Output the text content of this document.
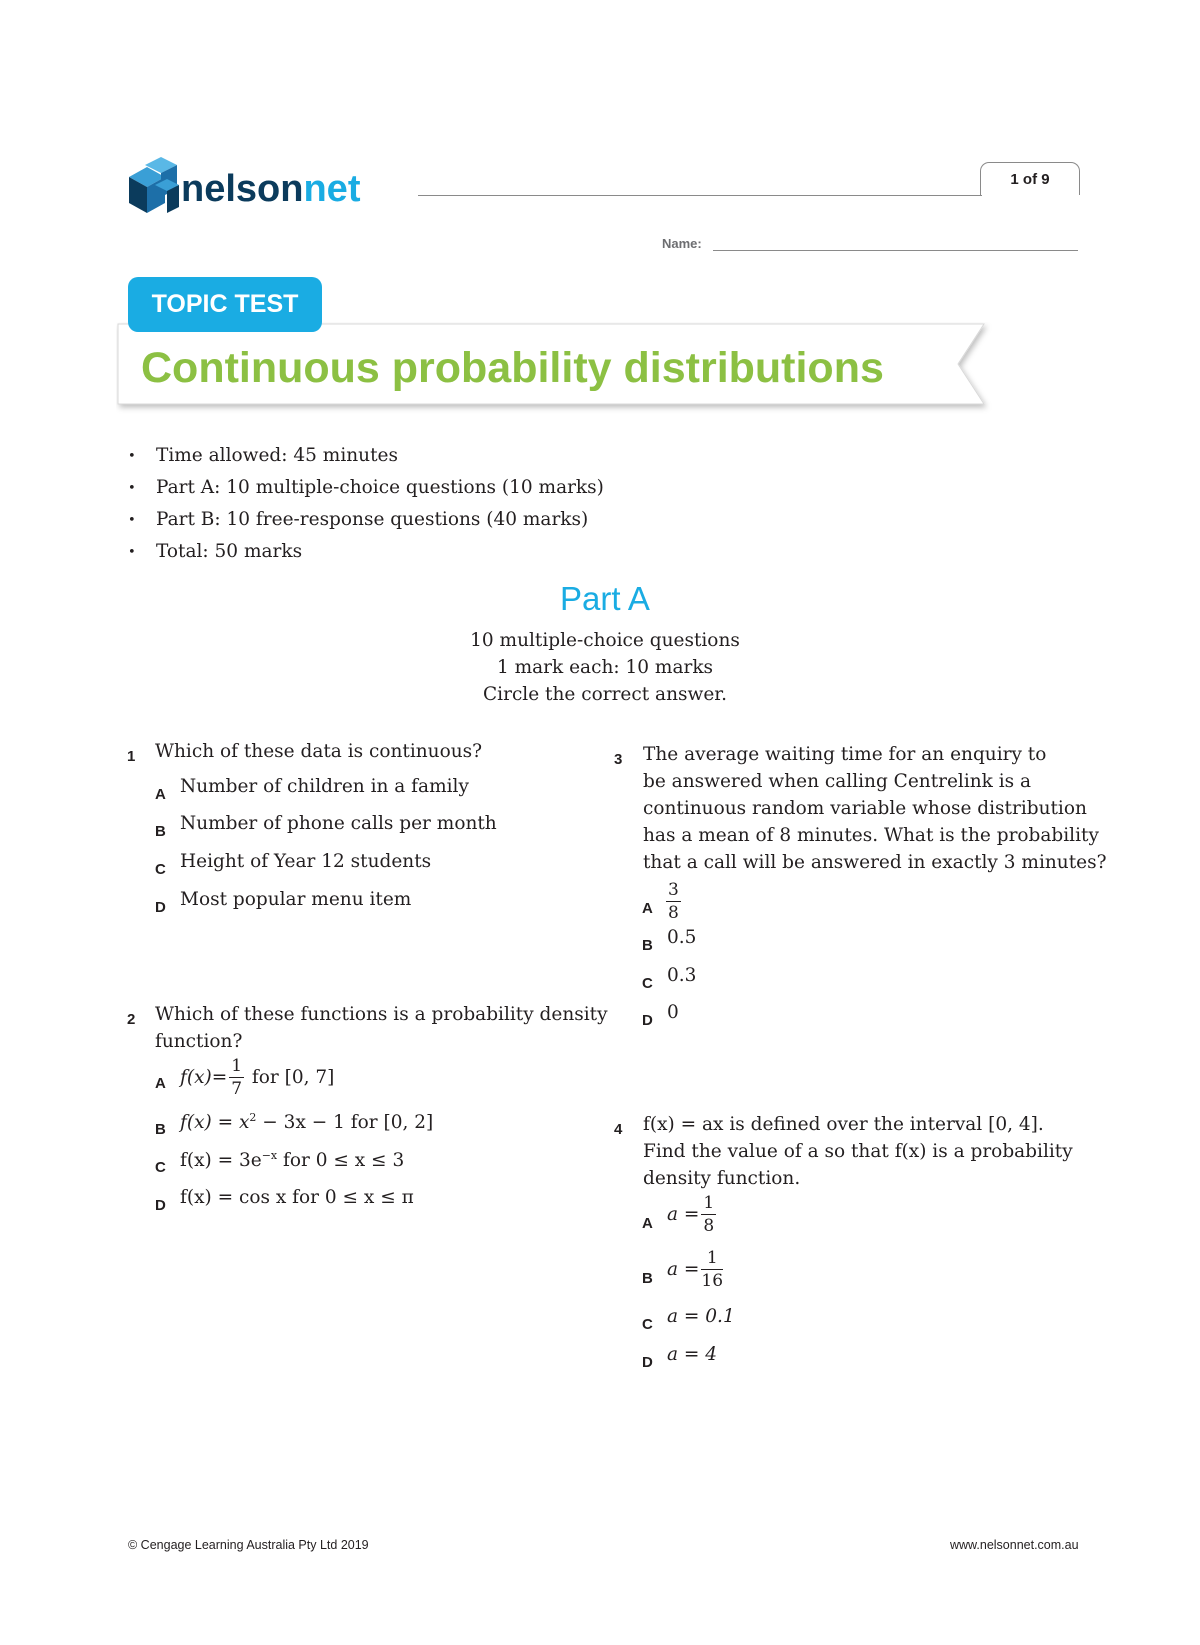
nelsonnet	1 of 9
Name:
TOPIC TEST
Continuous probability distributions
• Time allowed: 45 minutes
• Part A: 10 multiple-choice questions (10 marks)
• Part B: 10 free-response questions (40 marks)
• Total: 50 marks
Part A
10 multiple-choice questions
1 mark each: 10 marks
Circle the correct answer.
1 Which of these data is continuous?
A Number of children in a family
B Number of phone calls per month
C Height of Year 12 students
D Most popular menu item
2 Which of these functions is a probability density
function?
A $f(x)= \frac{1}{7}$ for [0, 7]
B $f(x) = x^2 - 3x - 1$ for [0, 2]
C $f(x) = 3e^{-x}$ for 0 ≤ x ≤ 3
D f(x) = cos x for 0 ≤ x ≤ π
3 The average waiting time for an enquiry to
be answered when calling Centrelink is a
continuous random variable whose distribution
has a mean of 8 minutes. What is the probability
that a call will be answered in exactly 3 minutes?
A $\frac{3}{8}$
B 0.5
C 0.3
D 0
4 f(x) = ax is defined over the interval [0, 4].
Find the value of a so that f(x) is a probability
density function.
A $a = \frac{1}{8}$
B $a = \frac{1}{16}$
C a = 0.1
D a = 4
© Cengage Learning Australia Pty Ltd 2019	www.nelsonnet.com.au
